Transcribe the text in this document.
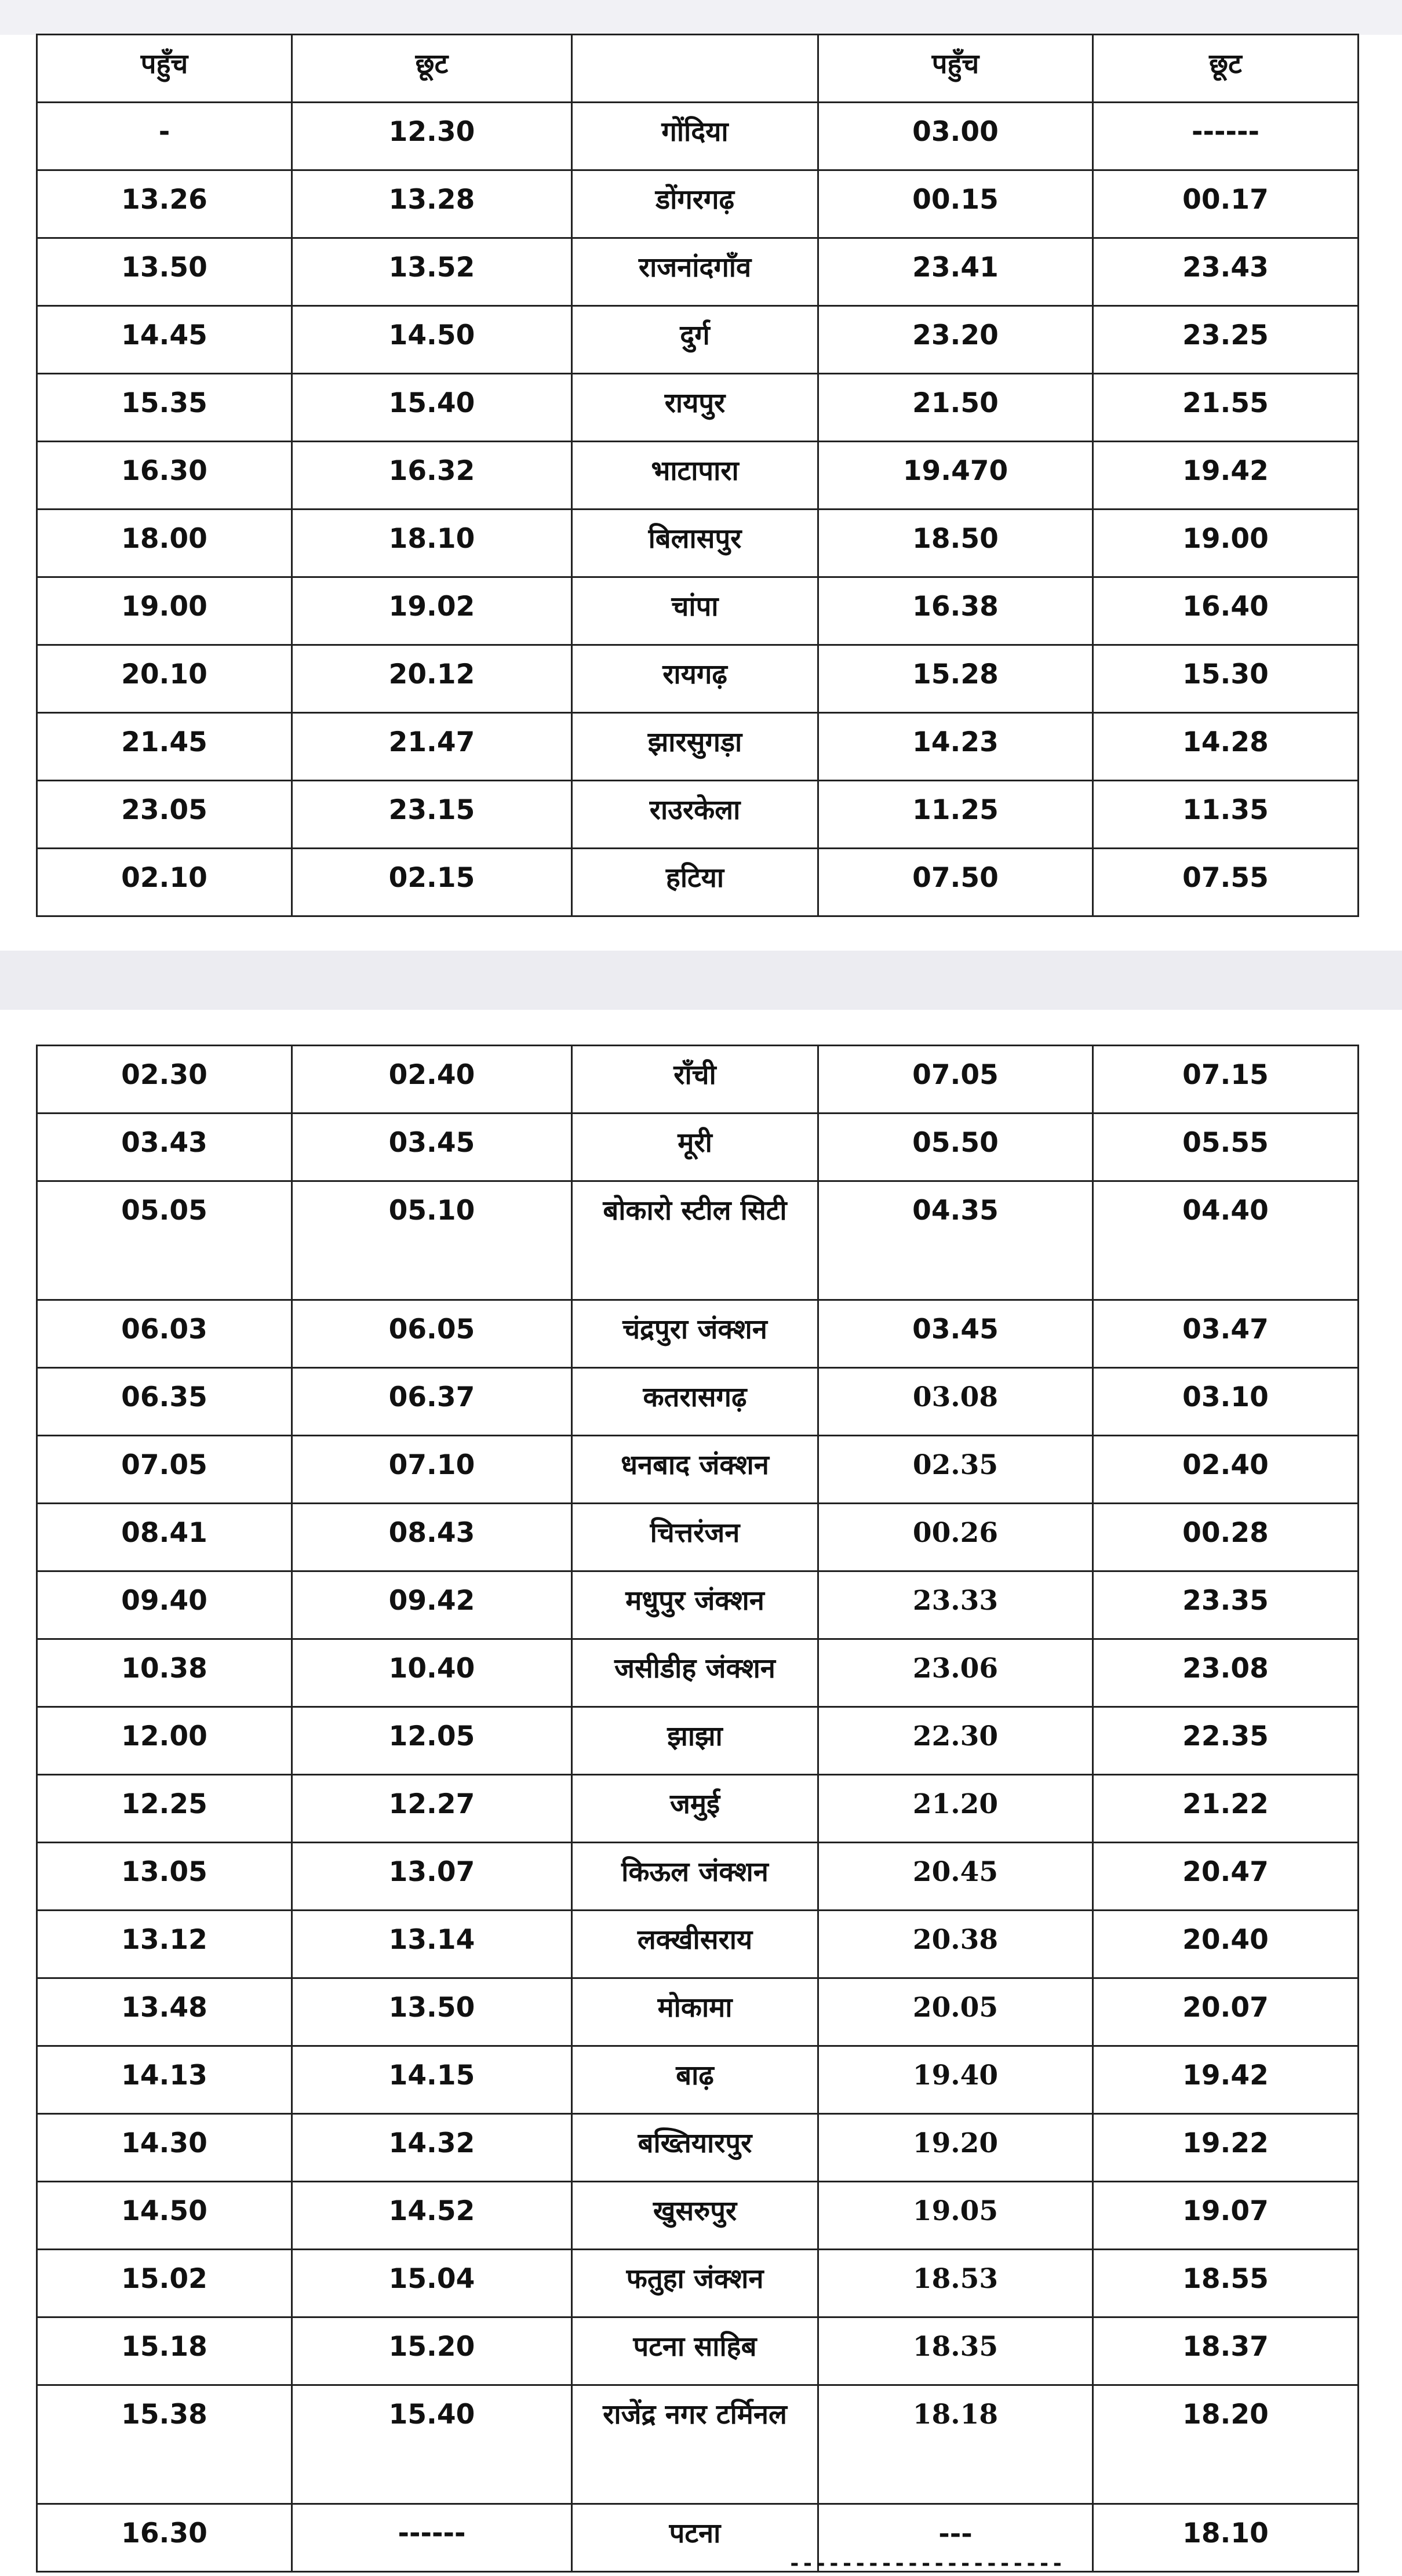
पहुँच	छूट		पहुँच	छूट
-	12.30	गोंदिया	03.00	------
13.26	13.28	डोंगरगढ़	00.15	00.17
13.50	13.52	राजनांदगाँव	23.41	23.43
14.45	14.50	दुर्ग	23.20	23.25
15.35	15.40	रायपुर	21.50	21.55
16.30	16.32	भाटापारा	19.470	19.42
18.00	18.10	बिलासपुर	18.50	19.00
19.00	19.02	चांपा	16.38	16.40
20.10	20.12	रायगढ़	15.28	15.30
21.45	21.47	झारसुगड़ा	14.23	14.28
23.05	23.15	राउरकेला	11.25	11.35
02.10	02.15	हटिया	07.50	07.55
02.30	02.40	राँची	07.05	07.15
03.43	03.45	मूरी	05.50	05.55
05.05	05.10	बोकारो स्टील सिटी	04.35	04.40
06.03	06.05	चंद्रपुरा जंक्शन	03.45	03.47
06.35	06.37	कतरासगढ़	03.08	03.10
07.05	07.10	धनबाद जंक्शन	02.35	02.40
08.41	08.43	चित्तरंजन	00.26	00.28
09.40	09.42	मधुपुर जंक्शन	23.33	23.35
10.38	10.40	जसीडीह जंक्शन	23.06	23.08
12.00	12.05	झाझा	22.30	22.35
12.25	12.27	जमुई	21.20	21.22
13.05	13.07	किऊल जंक्शन	20.45	20.47
13.12	13.14	लक्खीसराय	20.38	20.40
13.48	13.50	मोकामा	20.05	20.07
14.13	14.15	बाढ़	19.40	19.42
14.30	14.32	बख्तियारपुर	19.20	19.22
14.50	14.52	खुसरुपुर	19.05	19.07
15.02	15.04	फतुहा जंक्शन	18.53	18.55
15.18	15.20	पटना साहिब	18.35	18.37
15.38	15.40	राजेंद्र नगर टर्मिनल	18.18	18.20
16.30	------	पटना	---	18.10
---------------------
